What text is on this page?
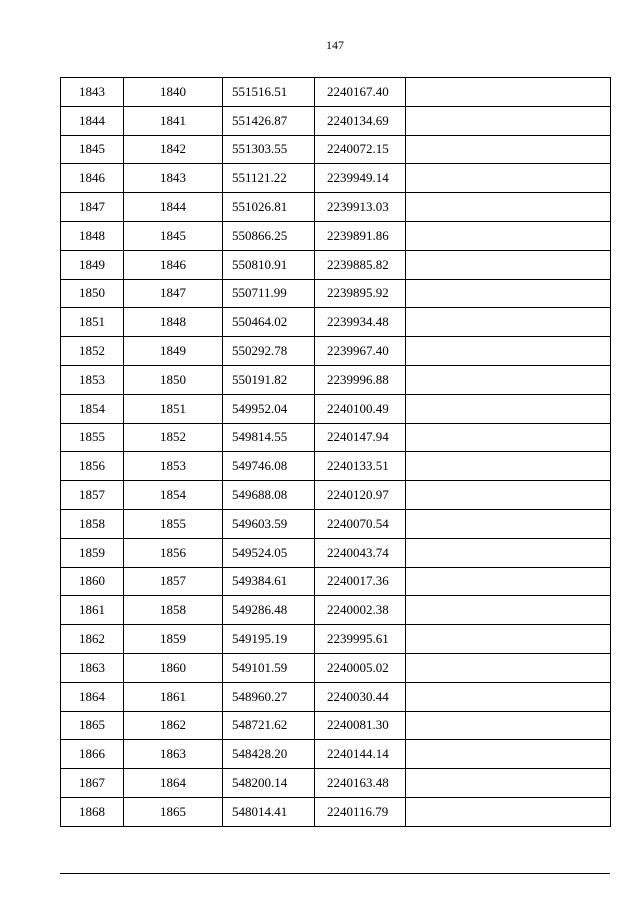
147
1843	1840	551516.51	2240167.40	
1844	1841	551426.87	2240134.69	
1845	1842	551303.55	2240072.15	
1846	1843	551121.22	2239949.14	
1847	1844	551026.81	2239913.03	
1848	1845	550866.25	2239891.86	
1849	1846	550810.91	2239885.82	
1850	1847	550711.99	2239895.92	
1851	1848	550464.02	2239934.48	
1852	1849	550292.78	2239967.40	
1853	1850	550191.82	2239996.88	
1854	1851	549952.04	2240100.49	
1855	1852	549814.55	2240147.94	
1856	1853	549746.08	2240133.51	
1857	1854	549688.08	2240120.97	
1858	1855	549603.59	2240070.54	
1859	1856	549524.05	2240043.74	
1860	1857	549384.61	2240017.36	
1861	1858	549286.48	2240002.38	
1862	1859	549195.19	2239995.61	
1863	1860	549101.59	2240005.02	
1864	1861	548960.27	2240030.44	
1865	1862	548721.62	2240081.30	
1866	1863	548428.20	2240144.14	
1867	1864	548200.14	2240163.48	
1868	1865	548014.41	2240116.79	
